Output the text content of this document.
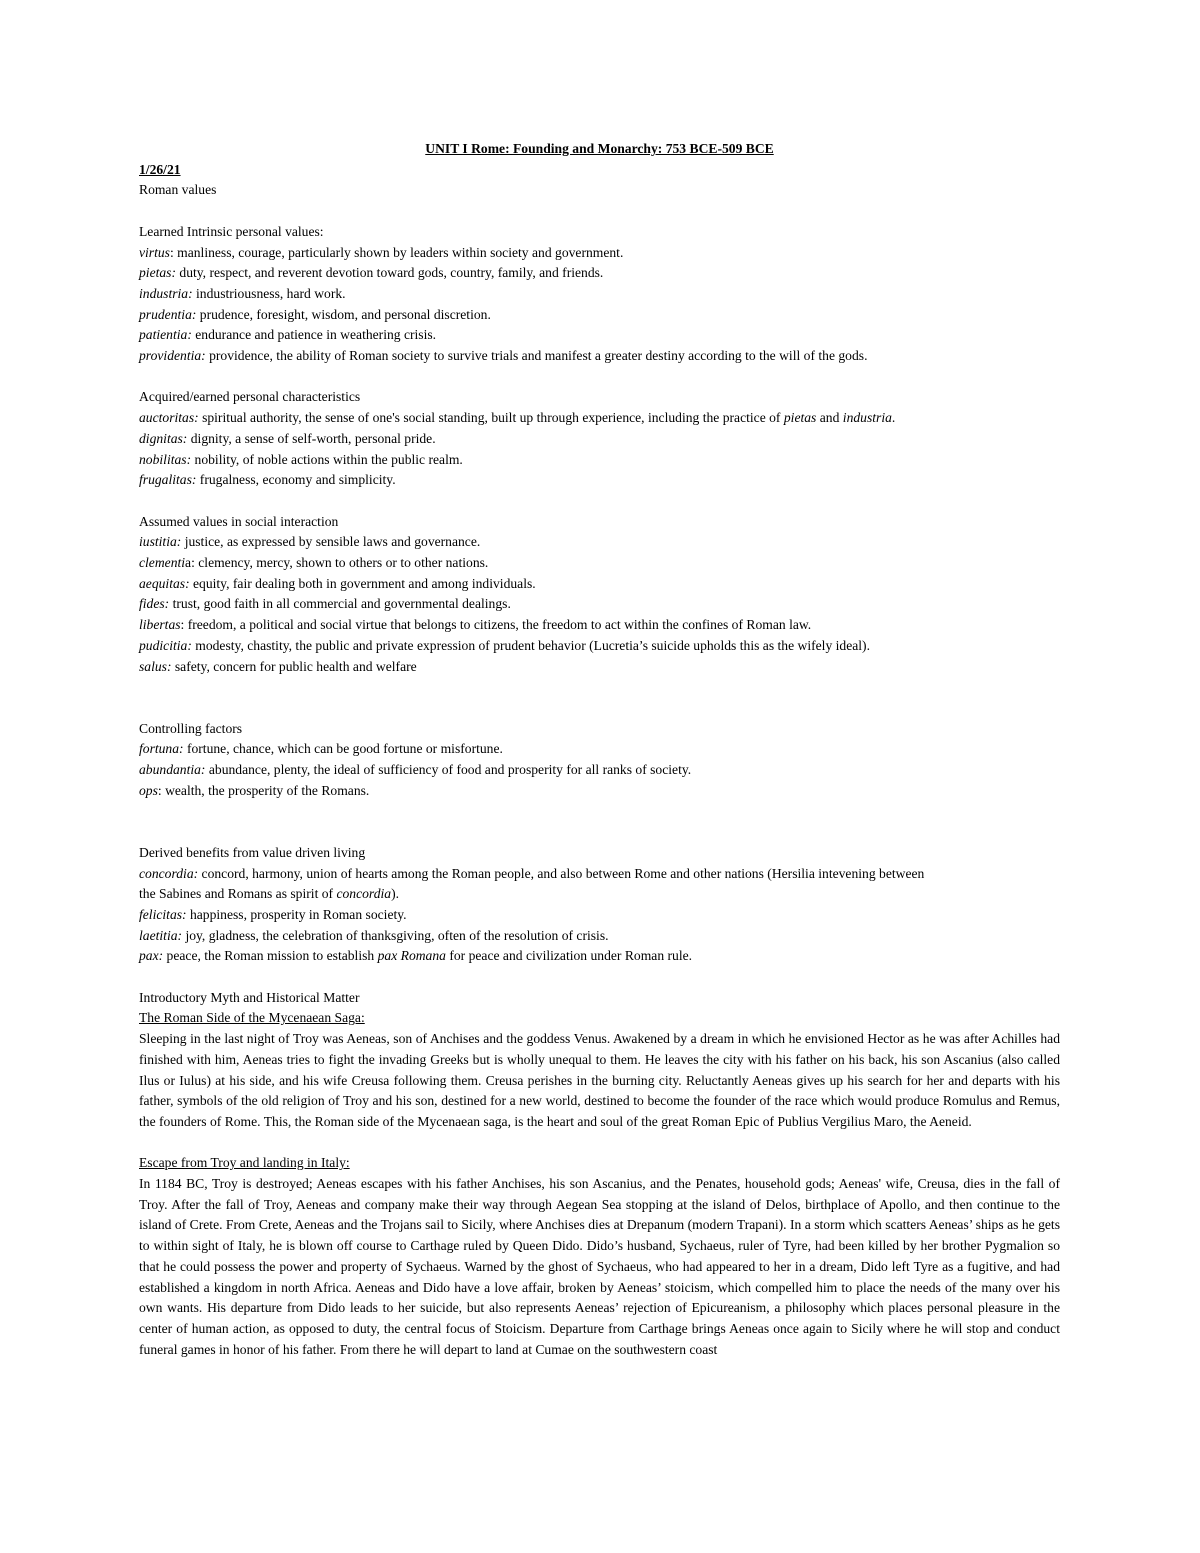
UNIT I Rome: Founding and Monarchy: 753 BCE-509 BCE

1/26/21

Roman values

Learned Intrinsic personal values:

virtus: manliness, courage, particularly shown by leaders within society and government.

pietas: duty, respect, and reverent devotion toward gods, country, family, and friends.

industria: industriousness, hard work.

prudentia: prudence, foresight, wisdom, and personal discretion.

patientia: endurance and patience in weathering crisis.

providentia: providence, the ability of Roman society to survive trials and manifest a greater destiny according to the will of the gods.

Acquired/earned personal characteristics

auctoritas: spiritual authority, the sense of one's social standing, built up through experience, including the practice of pietas and industria.

dignitas: dignity, a sense of self-worth, personal pride.

nobilitas: nobility, of noble actions within the public realm.

frugalitas: frugalness, economy and simplicity.

Assumed values in social interaction

iustitia: justice, as expressed by sensible laws and governance.

clementia: clemency, mercy, shown to others or to other nations.

aequitas: equity, fair dealing both in government and among individuals.

fides: trust, good faith in all commercial and governmental dealings.

libertas: freedom, a political and social virtue that belongs to citizens, the freedom to act within the confines of Roman law.

pudicitia: modesty, chastity, the public and private expression of prudent behavior (Lucretia’s suicide upholds this as the wifely ideal).

salus: safety, concern for public health and welfare

Controlling factors

fortuna: fortune, chance, which can be good fortune or misfortune.

abundantia: abundance, plenty, the ideal of sufficiency of food and prosperity for all ranks of society.

ops: wealth, the prosperity of the Romans.

Derived benefits from value driven living

concordia: concord, harmony, union of hearts among the Roman people, and also between Rome and other nations (Hersilia intevening between

the Sabines and Romans as spirit of concordia).

felicitas: happiness, prosperity in Roman society.

laetitia: joy, gladness, the celebration of thanksgiving, often of the resolution of crisis.

pax: peace, the Roman mission to establish pax Romana for peace and civilization under Roman rule.

Introductory Myth and Historical Matter

The Roman Side of the Mycenaean Saga:

Sleeping in the last night of Troy was Aeneas, son of Anchises and the goddess Venus. Awakened by a dream in which he envisioned Hector as he was after Achilles had finished with him, Aeneas tries to fight the invading Greeks but is wholly unequal to them. He leaves the city with his father on his back, his son Ascanius (also called Ilus or Iulus) at his side, and his wife Creusa following them. Creusa perishes in the burning city. Reluctantly Aeneas gives up his search for her and departs with his father, symbols of the old religion of Troy and his son, destined for a new world, destined to become the founder of the race which would produce Romulus and Remus, the founders of Rome. This, the Roman side of the Mycenaean saga, is the heart and soul of the great Roman Epic of Publius Vergilius Maro, the Aeneid.

Escape from Troy and landing in Italy:

In 1184 BC, Troy is destroyed; Aeneas escapes with his father Anchises, his son Ascanius, and the Penates, household gods; Aeneas' wife, Creusa, dies in the fall of Troy. After the fall of Troy, Aeneas and company make their way through Aegean Sea stopping at the island of Delos, birthplace of Apollo, and then continue to the island of Crete. From Crete, Aeneas and the Trojans sail to Sicily, where Anchises dies at Drepanum (modern Trapani). In a storm which scatters Aeneas’ ships as he gets to within sight of Italy, he is blown off course to Carthage ruled by Queen Dido. Dido’s husband, Sychaeus, ruler of Tyre, had been killed by her brother Pygmalion so that he could possess the power and property of Sychaeus. Warned by the ghost of Sychaeus, who had appeared to her in a dream, Dido left Tyre as a fugitive, and had established a kingdom in north Africa. Aeneas and Dido have a love affair, broken by Aeneas’ stoicism, which compelled him to place the needs of the many over his own wants. His departure from Dido leads to her suicide, but also represents Aeneas’ rejection of Epicureanism, a philosophy which places personal pleasure in the center of human action, as opposed to duty, the central focus of Stoicism. Departure from Carthage brings Aeneas once again to Sicily where he will stop and conduct funeral games in honor of his father. From there he will depart to land at Cumae on the southwestern coast
